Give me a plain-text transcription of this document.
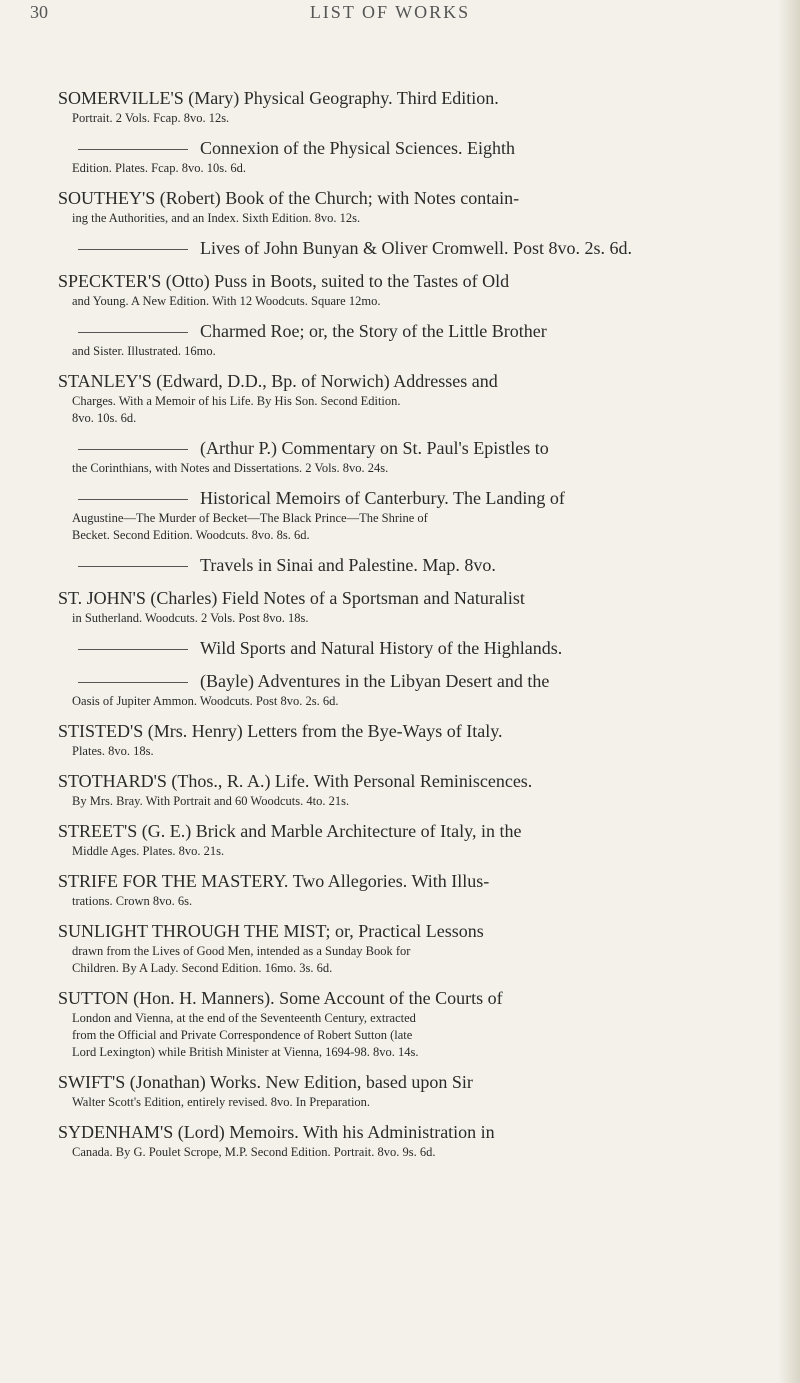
30	LIST OF WORKS
SOMERVILLE'S (Mary) Physical Geography. Third Edition.
Portrait. 2 Vols. Fcap. 8vo. 12s.
Connexion of the Physical Sciences. Eighth
Edition. Plates. Fcap. 8vo. 10s. 6d.
SOUTHEY'S (Robert) Book of the Church; with Notes contain-
ing the Authorities, and an Index. Sixth Edition. 8vo. 12s.
Lives of John Bunyan & Oliver Cromwell. Post 8vo. 2s. 6d.
SPECKTER'S (Otto) Puss in Boots, suited to the Tastes of Old
and Young. A New Edition. With 12 Woodcuts. Square 12mo.
Charmed Roe; or, the Story of the Little Brother
and Sister. Illustrated. 16mo.
STANLEY'S (Edward, D.D., Bp. of Norwich) Addresses and
Charges. With a Memoir of his Life. By His Son. Second Edition.
8vo. 10s. 6d.
(Arthur P.) Commentary on St. Paul's Epistles to
the Corinthians, with Notes and Dissertations. 2 Vols. 8vo. 24s.
Historical Memoirs of Canterbury. The Landing of
Augustine—The Murder of Becket—The Black Prince—The Shrine of
Becket. Second Edition. Woodcuts. 8vo. 8s. 6d.
Travels in Sinai and Palestine. Map. 8vo.
ST. JOHN'S (Charles) Field Notes of a Sportsman and Naturalist
in Sutherland. Woodcuts. 2 Vols. Post 8vo. 18s.
Wild Sports and Natural History of the Highlands.
(Bayle) Adventures in the Libyan Desert and the
Oasis of Jupiter Ammon. Woodcuts. Post 8vo. 2s. 6d.
STISTED'S (Mrs. Henry) Letters from the Bye-Ways of Italy.
Plates. 8vo. 18s.
STOTHARD'S (Thos., R. A.) Life. With Personal Reminiscences.
By Mrs. Bray. With Portrait and 60 Woodcuts. 4to. 21s.
STREET'S (G. E.) Brick and Marble Architecture of Italy, in the
Middle Ages. Plates. 8vo. 21s.
STRIFE FOR THE MASTERY. Two Allegories. With Illus-
trations. Crown 8vo. 6s.
SUNLIGHT THROUGH THE MIST; or, Practical Lessons
drawn from the Lives of Good Men, intended as a Sunday Book for
Children. By A Lady. Second Edition. 16mo. 3s. 6d.
SUTTON (Hon. H. Manners). Some Account of the Courts of
London and Vienna, at the end of the Seventeenth Century, extracted
from the Official and Private Correspondence of Robert Sutton (late
Lord Lexington) while British Minister at Vienna, 1694-98. 8vo. 14s.
SWIFT'S (Jonathan) Works. New Edition, based upon Sir
Walter Scott's Edition, entirely revised. 8vo. In Preparation.
SYDENHAM'S (Lord) Memoirs. With his Administration in
Canada. By G. Poulet Scrope, M.P. Second Edition. Portrait. 8vo. 9s. 6d.
